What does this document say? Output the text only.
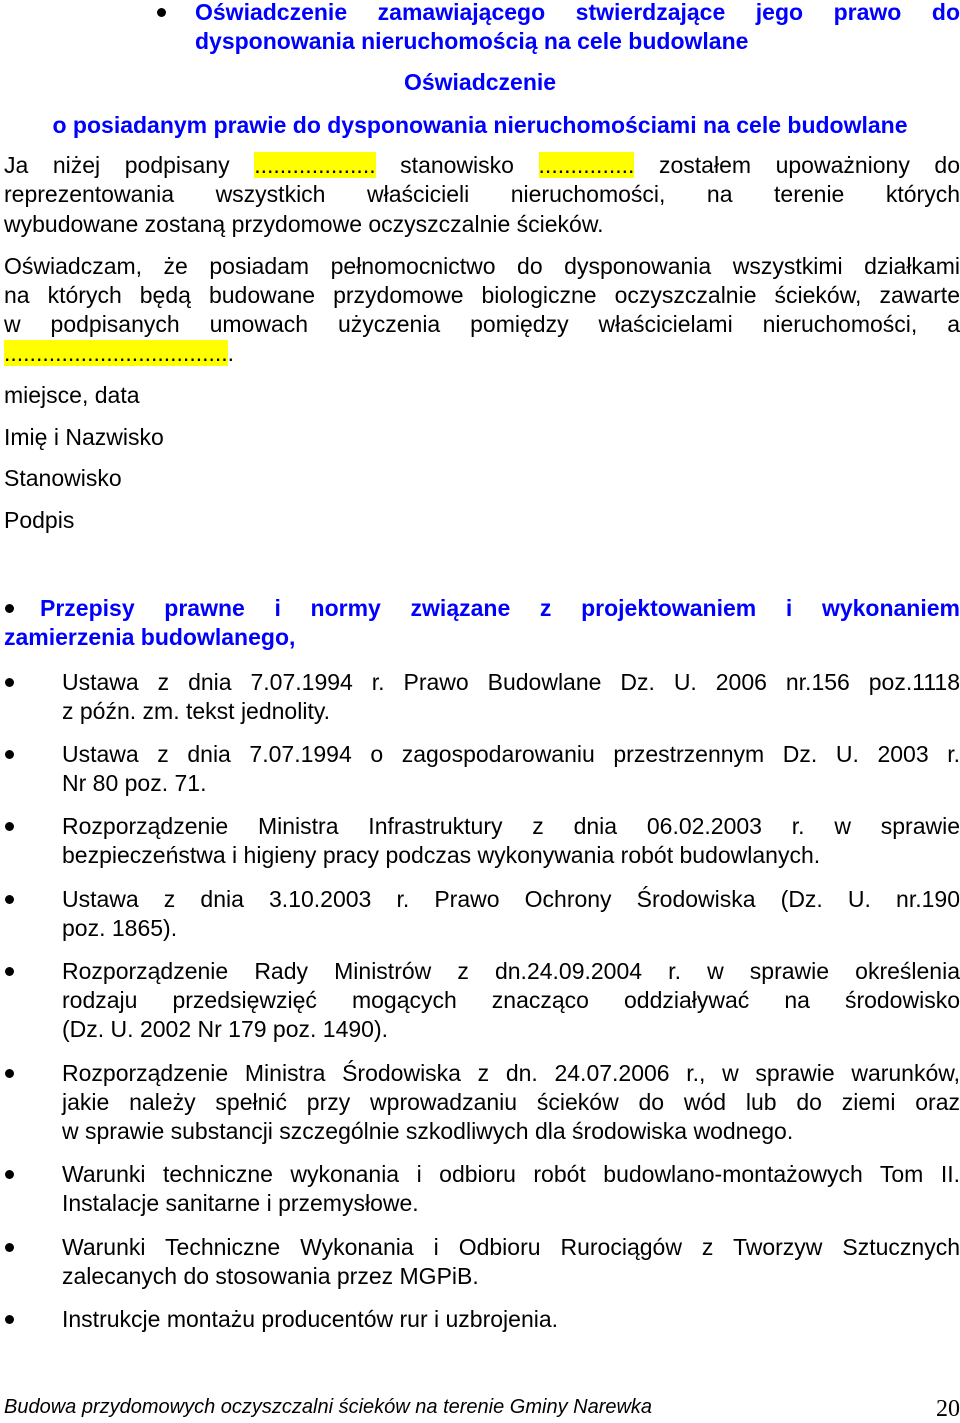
Oświadczenie zamawiającego stwierdzające jego prawo do

dysponowania nieruchomością na cele budowlane

Oświadczenie

o posiadanym prawie do dysponowania nieruchomościami na cele budowlane

Ja niżej podpisany ................... stanowisko ............... zostałem upoważniony do

reprezentowania wszystkich właścicieli nieruchomości, na terenie których

wybudowane zostaną przydomowe oczyszczalnie ścieków.

Oświadczam, że posiadam pełnomocnictwo do dysponowania wszystkimi działkami

na których będą budowane przydomowe biologiczne oczyszczalnie ścieków, zawarte

w podpisanych umowach użyczenia pomiędzy właścicielami nieruchomości, a

....................................

miejsce, data

Imię i Nazwisko

Stanowisko

Podpis

Przepisy prawne i normy związane z projektowaniem i wykonaniem

zamierzenia budowlanego,

Ustawa z dnia 7.07.1994 r. Prawo Budowlane Dz. U. 2006 nr.156 poz.1118

z późn. zm. tekst jednolity.

Ustawa z dnia 7.07.1994 o zagospodarowaniu przestrzennym Dz. U. 2003 r.

Nr 80 poz. 71.

Rozporządzenie Ministra Infrastruktury z dnia 06.02.2003 r. w sprawie

bezpieczeństwa i higieny pracy podczas wykonywania robót budowlanych.

Ustawa z dnia 3.10.2003 r. Prawo Ochrony Środowiska (Dz. U. nr.190

poz. 1865).

Rozporządzenie Rady Ministrów z dn.24.09.2004 r. w sprawie określenia

rodzaju przedsięwzięć mogących znacząco oddziaływać na środowisko

(Dz. U. 2002 Nr 179 poz. 1490).

Rozporządzenie Ministra Środowiska z dn. 24.07.2006 r., w sprawie warunków,

jakie należy spełnić przy wprowadzaniu ścieków do wód lub do ziemi oraz

w sprawie substancji szczególnie szkodliwych dla środowiska wodnego.

Warunki techniczne wykonania i odbioru robót budowlano-montażowych Tom II.

Instalacje sanitarne i przemysłowe.

Warunki Techniczne Wykonania i Odbioru Rurociągów z Tworzyw Sztucznych

zalecanych do stosowania przez MGPiB.

Instrukcje montażu producentów rur i uzbrojenia.

Budowa przydomowych oczyszczalni ścieków na terenie Gminy Narewka	20
